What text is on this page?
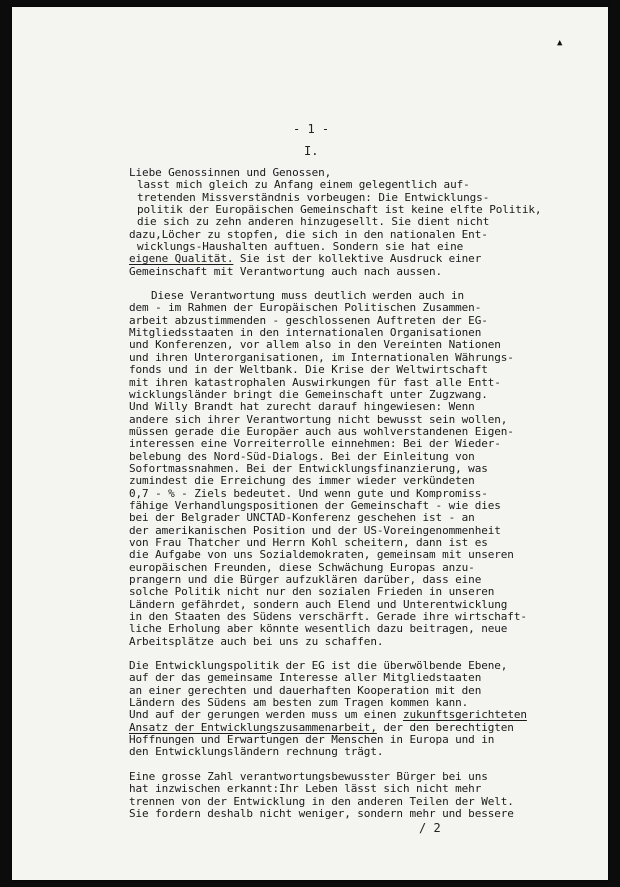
▲
- 1 -
I.
Liebe Genossinnen und Genossen,
lasst mich gleich zu Anfang einem gelegentlich auf-
tretenden Missverständnis vorbeugen: Die Entwicklungs-
politik der Europäischen Gemeinschaft ist keine elfte Politik,
die sich zu zehn anderen hinzugesellt. Sie dient nicht
dazu,Löcher zu stopfen, die sich in den nationalen Ent-
wicklungs-Haushalten auftuen. Sondern sie hat eine
eigene Qualität. Sie ist der kollektive Ausdruck einer
Gemeinschaft mit Verantwortung auch nach aussen.
Diese Verantwortung muss deutlich werden auch in
dem - im Rahmen der Europäischen Politischen Zusammen-
arbeit abzustimmenden - geschlossenen Auftreten der EG-
Mitgliedsstaaten in den internationalen Organisationen
und Konferenzen, vor allem also in den Vereinten Nationen
und ihren Unterorganisationen, im Internationalen Währungs-
fonds und in der Weltbank. Die Krise der Weltwirtschaft
mit ihren katastrophalen Auswirkungen für fast alle Entt-
wicklungsländer bringt die Gemeinschaft unter Zugzwang.
Und Willy Brandt hat zurecht darauf hingewiesen: Wenn
andere sich ihrer Verantwortung nicht bewusst sein wollen,
müssen gerade die Europäer auch aus wohlverstandenen Eigen-
interessen eine Vorreiterrolle einnehmen: Bei der Wieder-
belebung des Nord-Süd-Dialogs. Bei der Einleitung von
Sofortmassnahmen. Bei der Entwicklungsfinanzierung, was
zumindest die Erreichung des immer wieder verkündeten
0,7 - % - Ziels bedeutet. Und wenn gute und Kompromiss-
fähige Verhandlungspositionen der Gemeinschaft - wie dies
bei der Belgrader UNCTAD-Konferenz geschehen ist - an
der amerikanischen Position und der US-Voreingenommenheit
von Frau Thatcher und Herrn Kohl scheitern, dann ist es
die Aufgabe von uns Sozialdemokraten, gemeinsam mit unseren
europäischen Freunden, diese Schwächung Europas anzu-
prangern und die Bürger aufzuklären darüber, dass eine
solche Politik nicht nur den sozialen Frieden in unseren
Ländern gefährdet, sondern auch Elend und Unterentwicklung
in den Staaten des Südens verschärft. Gerade ihre wirtschaft-
liche Erholung aber könnte wesentlich dazu beitragen, neue
Arbeitsplätze auch bei uns zu schaffen.
Die Entwicklungspolitik der EG ist die überwölbende Ebene,
auf der das gemeinsame Interesse aller Mitgliedstaaten
an einer gerechten und dauerhaften Kooperation mit den
Ländern des Südens am besten zum Tragen kommen kann.
Und auf der gerungen werden muss um einen zukunftsgerichteten
Ansatz der Entwicklungszusammenarbeit, der den berechtigten
Hoffnungen und Erwartungen der Menschen in Europa und in
den Entwicklungsländern rechnung trägt.
Eine grosse Zahl verantwortungsbewusster Bürger bei uns
hat inzwischen erkannt:Ihr Leben lässt sich nicht mehr
trennen von der Entwicklung in den anderen Teilen der Welt.
Sie fordern deshalb nicht weniger, sondern mehr und bessere
/ 2
